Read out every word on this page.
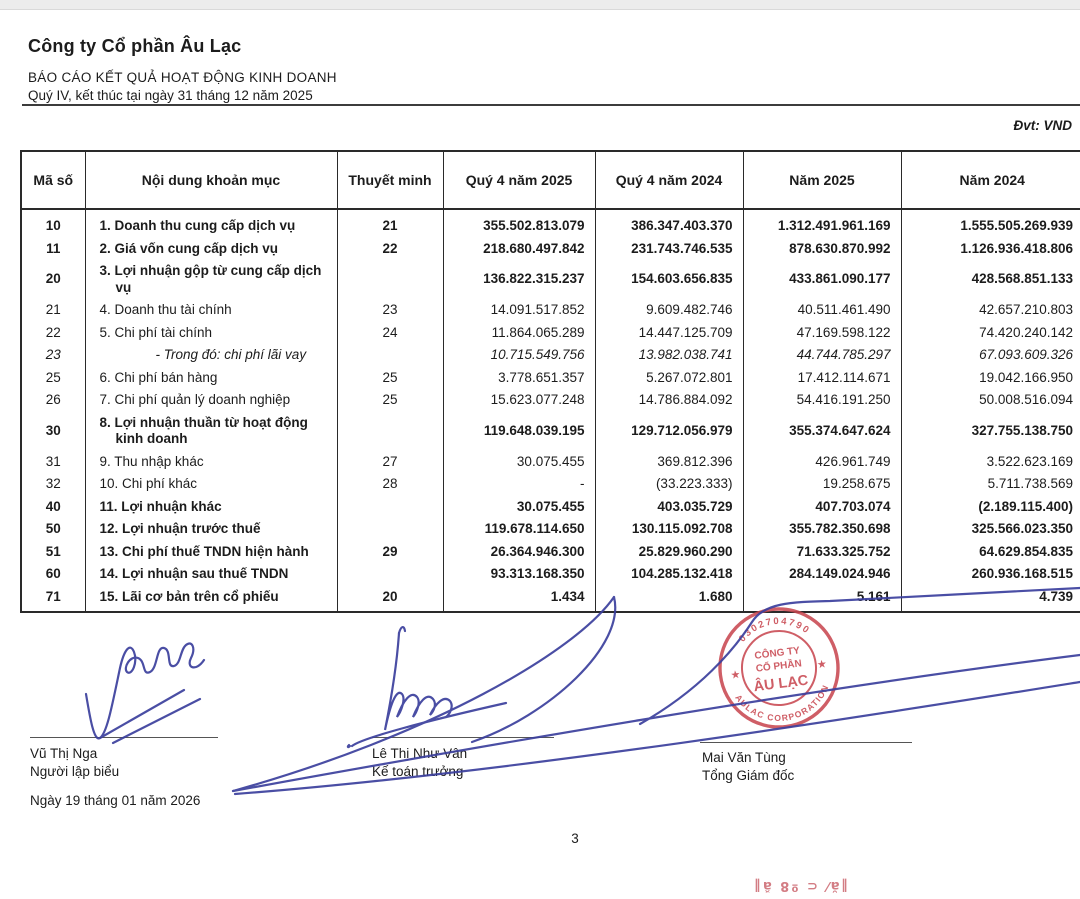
Công ty Cổ phần Âu Lạc
BÁO CÁO KẾT QUẢ HOẠT ĐỘNG KINH DOANH
Quý IV, kết thúc tại ngày 31 tháng 12 năm 2025
Đvt: VND
Mã số	Nội dung khoản mục	Thuyết minh	Quý 4 năm 2025	Quý 4 năm 2024	Năm 2025	Năm 2024
10	1. Doanh thu cung cấp dịch vụ	21	355.502.813.079	386.347.403.370	1.312.491.961.169	1.555.505.269.939
11	2. Giá vốn cung cấp dịch vụ	22	218.680.497.842	231.743.746.535	878.630.870.992	1.126.936.418.806
20	3. Lợi nhuận gộp từ cung cấp dịch vụ		136.822.315.237	154.603.656.835	433.861.090.177	428.568.851.133
21	4. Doanh thu tài chính	23	14.091.517.852	9.609.482.746	40.511.461.490	42.657.210.803
22	5. Chi phí tài chính	24	11.864.065.289	14.447.125.709	47.169.598.122	74.420.240.142
23	- Trong đó: chi phí lãi vay		10.715.549.756	13.982.038.741	44.744.785.297	67.093.609.326
25	6. Chi phí bán hàng	25	3.778.651.357	5.267.072.801	17.412.114.671	19.042.166.950
26	7. Chi phí quản lý doanh nghiệp	25	15.623.077.248	14.786.884.092	54.416.191.250	50.008.516.094
30	8. Lợi nhuận thuần từ hoạt động kinh doanh		119.648.039.195	129.712.056.979	355.374.647.624	327.755.138.750
31	9. Thu nhập khác	27	30.075.455	369.812.396	426.961.749	3.522.623.169
32	10. Chi phí khác	28	-	(33.223.333)	19.258.675	5.711.738.569
40	11. Lợi nhuận khác		30.075.455	403.035.729	407.703.074	(2.189.115.400)
50	12. Lợi nhuận trước thuế		119.678.114.650	130.115.092.708	355.782.350.698	325.566.023.350
51	13. Chi phí thuế TNDN hiện hành	29	26.364.946.300	25.829.960.290	71.633.325.752	64.629.854.835
60	14. Lợi nhuận sau thuế TNDN		93.313.168.350	104.285.132.418	284.149.024.946	260.936.168.515
71	15. Lãi cơ bản trên cổ phiếu	20	1.434	1.680	5.161	4.739
Vũ Thị Nga
Người lập biểu
Lê Thị Như Vân
Kế toán trưởng
Mai Văn Tùng
Tổng Giám đốc
Ngày 19 tháng 01 năm 2026
3
‖ă⁄ ⊂ º8 ẫ‖
0302704790
AULAC CORPORATION
★
★
CÔNG TY
CỔ PHẦN
ÂU LẠC
